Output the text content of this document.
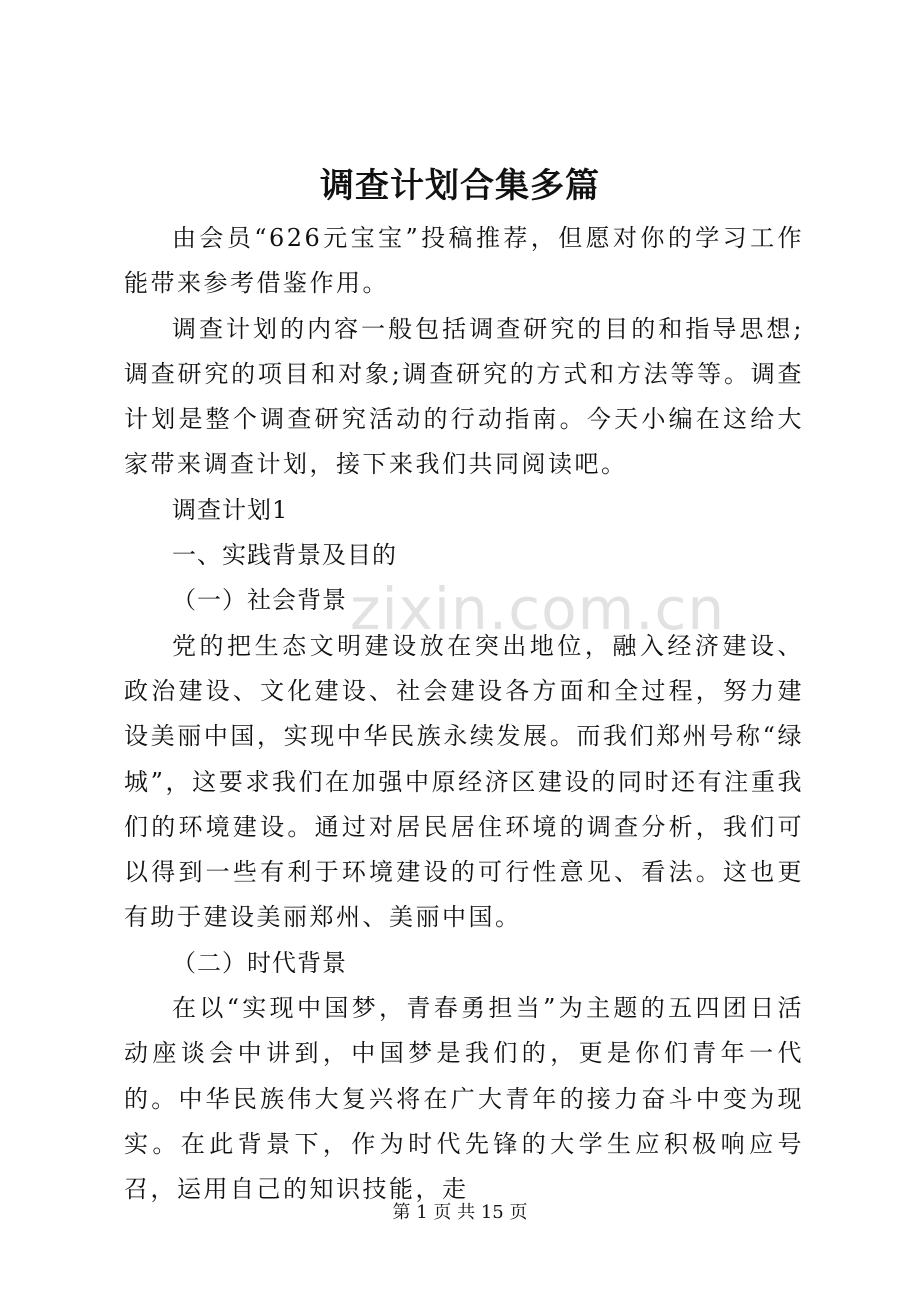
调查计划合集多篇
zixin.com.cn

由会员“626元宝宝”投稿推荐，但愿对你的学习工作能带来参考借鉴作用。

调查计划的内容一般包括调查研究的目的和指导思想;调查研究的项目和对象;调查研究的方式和方法等等。调查计划是整个调查研究活动的行动指南。今天小编在这给大家带来调查计划，接下来我们共同阅读吧。

调查计划1

一、实践背景及目的

（一）社会背景

党的把生态文明建设放在突出地位，融入经济建设、政治建设、文化建设、社会建设各方面和全过程，努力建设美丽中国，实现中华民族永续发展。而我们郑州号称“绿城”，这要求我们在加强中原经济区建设的同时还有注重我们的环境建设。通过对居民居住环境的调查分析，我们可以得到一些有利于环境建设的可行性意见、看法。这也更有助于建设美丽郑州、美丽中国。

（二）时代背景

在以“实现中国梦，青春勇担当”为主题的五四团日活动座谈会中讲到，中国梦是我们的，更是你们青年一代的。中华民族伟大复兴将在广大青年的接力奋斗中变为现实。在此背景下，作为时代先锋的大学生应积极响应号召，运用自己的知识技能，走

第 1 页 共 15 页
